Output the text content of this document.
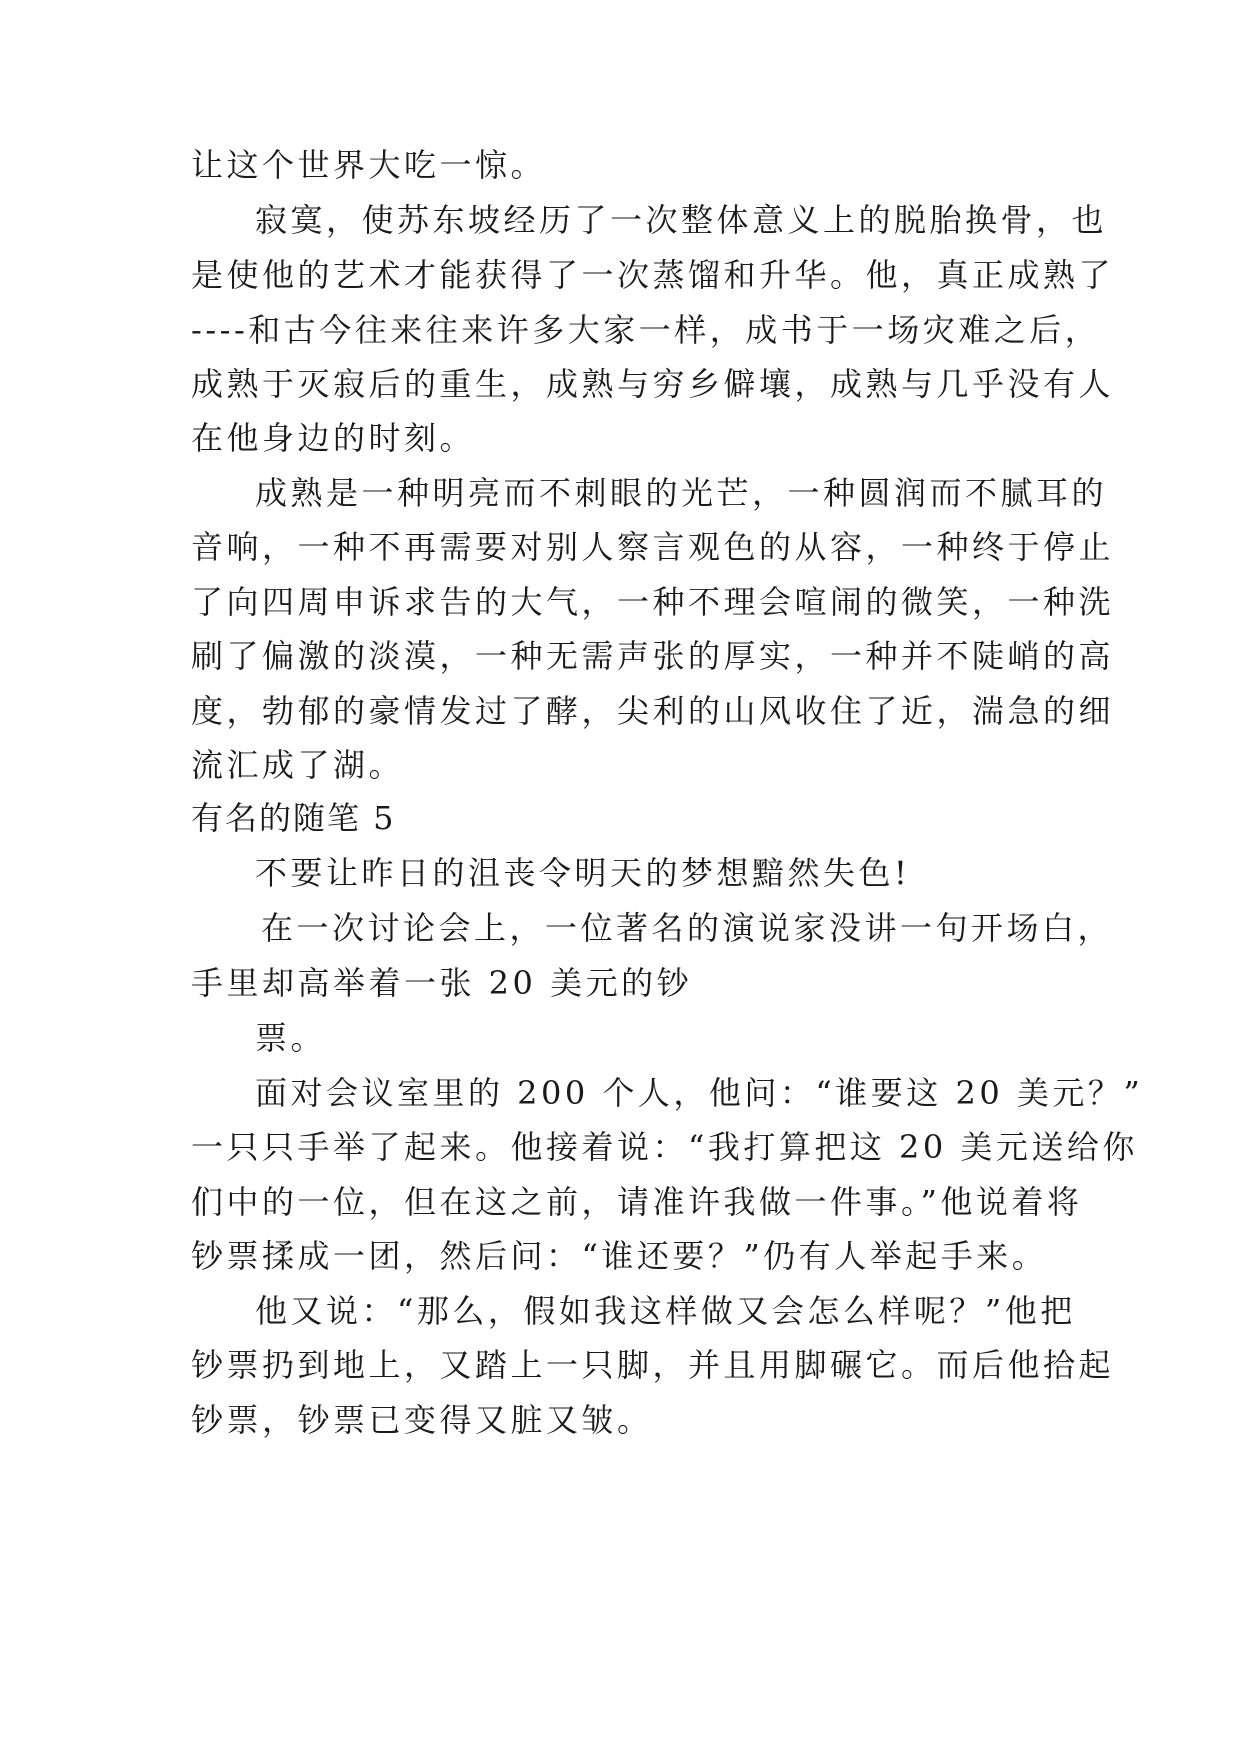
让这个世界大吃一惊。
寂寞，使苏东坡经历了一次整体意义上的脱胎换骨，也
是使他的艺术才能获得了一次蒸馏和升华。他，真正成熟了
----和古今往来往来许多大家一样，成书于一场灾难之后，
成熟于灭寂后的重生，成熟与穷乡僻壤，成熟与几乎没有人
在他身边的时刻。
成熟是一种明亮而不刺眼的光芒，一种圆润而不腻耳的
音响，一种不再需要对别人察言观色的从容，一种终于停止
了向四周申诉求告的大气，一种不理会喧闹的微笑，一种洗
刷了偏激的淡漠，一种无需声张的厚实，一种并不陡峭的高
度，勃郁的豪情发过了酵，尖利的山风收住了近，湍急的细
流汇成了湖。
有名的随笔 5
不要让昨日的沮丧令明天的梦想黯然失色!
在一次讨论会上，一位著名的演说家没讲一句开场白，
手里却高举着一张 20 美元的钞
票。
面对会议室里的 200 个人，他问：“谁要这 20 美元？”
一只只手举了起来。他接着说：“我打算把这 20 美元送给你
们中的一位，但在这之前，请准许我做一件事。”他说着将
钞票揉成一团，然后问：“谁还要？”仍有人举起手来。
他又说：“那么，假如我这样做又会怎么样呢？”他把
钞票扔到地上，又踏上一只脚，并且用脚碾它。而后他拾起
钞票，钞票已变得又脏又皱。
